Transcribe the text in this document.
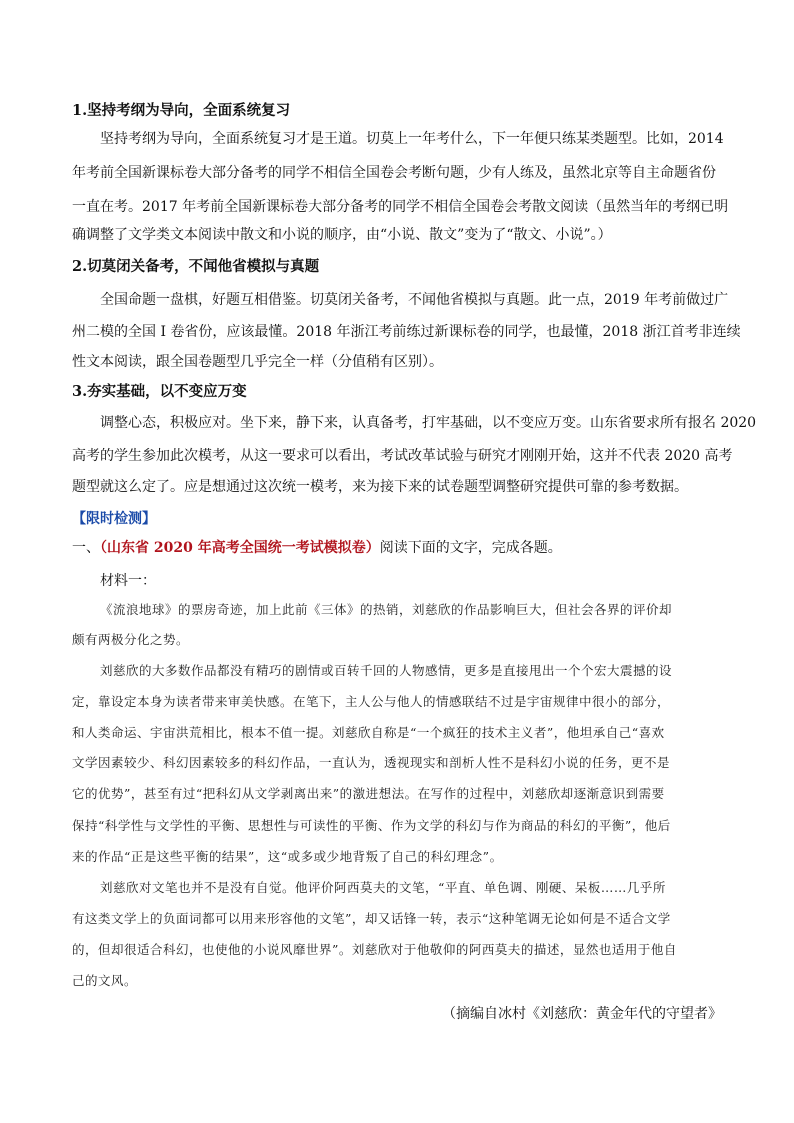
1.坚持考纲为导向，全面系统复习
坚持考纲为导向，全面系统复习才是王道。切莫上一年考什么，下一年便只练某类题型。比如，2014
年考前全国新课标卷大部分备考的同学不相信全国卷会考断句题，少有人练及，虽然北京等自主命题省份
一直在考。2017 年考前全国新课标卷大部分备考的同学不相信全国卷会考散文阅读（虽然当年的考纲已明
确调整了文学类文本阅读中散文和小说的顺序，由“小说、散文”变为了“散文、小说”。）
2.切莫闭关备考，不闻他省模拟与真题
全国命题一盘棋，好题互相借鉴。切莫闭关备考，不闻他省模拟与真题。此一点，2019 年考前做过广
州二模的全国 I 卷省份，应该最懂。2018 年浙江考前练过新课标卷的同学，也最懂，2018 浙江首考非连续
性文本阅读，跟全国卷题型几乎完全一样（分值稍有区别）。
3.夯实基础，以不变应万变
调整心态，积极应对。坐下来，静下来，认真备考，打牢基础，以不变应万变。山东省要求所有报名 2020
高考的学生参加此次模考，从这一要求可以看出，考试改革试验与研究才刚刚开始，这并不代表 2020 高考
题型就这么定了。应是想通过这次统一模考，来为接下来的试卷题型调整研究提供可靠的参考数据。
【限时检测】
一、（山东省 2020 年高考全国统一考试模拟卷）阅读下面的文字，完成各题。
材料一：
《流浪地球》的票房奇迹，加上此前《三体》的热销，刘慈欣的作品影响巨大，但社会各界的评价却
颇有两极分化之势。
刘慈欣的大多数作品都没有精巧的剧情或百转千回的人物感情，更多是直接甩出一个个宏大震撼的设
定，靠设定本身为读者带来审美快感。在笔下，主人公与他人的情感联结不过是宇宙规律中很小的部分，
和人类命运、宇宙洪荒相比，根本不值一提。刘慈欣自称是“一个疯狂的技术主义者”，他坦承自己“喜欢
文学因素较少、科幻因素较多的科幻作品，一直认为，透视现实和剖析人性不是科幻小说的任务，更不是
它的优势”，甚至有过“把科幻从文学剥离出来”的激进想法。在写作的过程中，刘慈欣却逐渐意识到需要
保持“科学性与文学性的平衡、思想性与可读性的平衡、作为文学的科幻与作为商品的科幻的平衡”，他后
来的作品“正是这些平衡的结果”，这“或多或少地背叛了自己的科幻理念”。
刘慈欣对文笔也并不是没有自觉。他评价阿西莫夫的文笔，“平直、单色调、刚硬、呆板……几乎所
有这类文学上的负面词都可以用来形容他的文笔”，却又话锋一转，表示“这种笔调无论如何是不适合文学
的，但却很适合科幻，也使他的小说风靡世界”。刘慈欣对于他敬仰的阿西莫夫的描述，显然也适用于他自
己的文风。
（摘编自冰村《刘慈欣：黄金年代的守望者》
